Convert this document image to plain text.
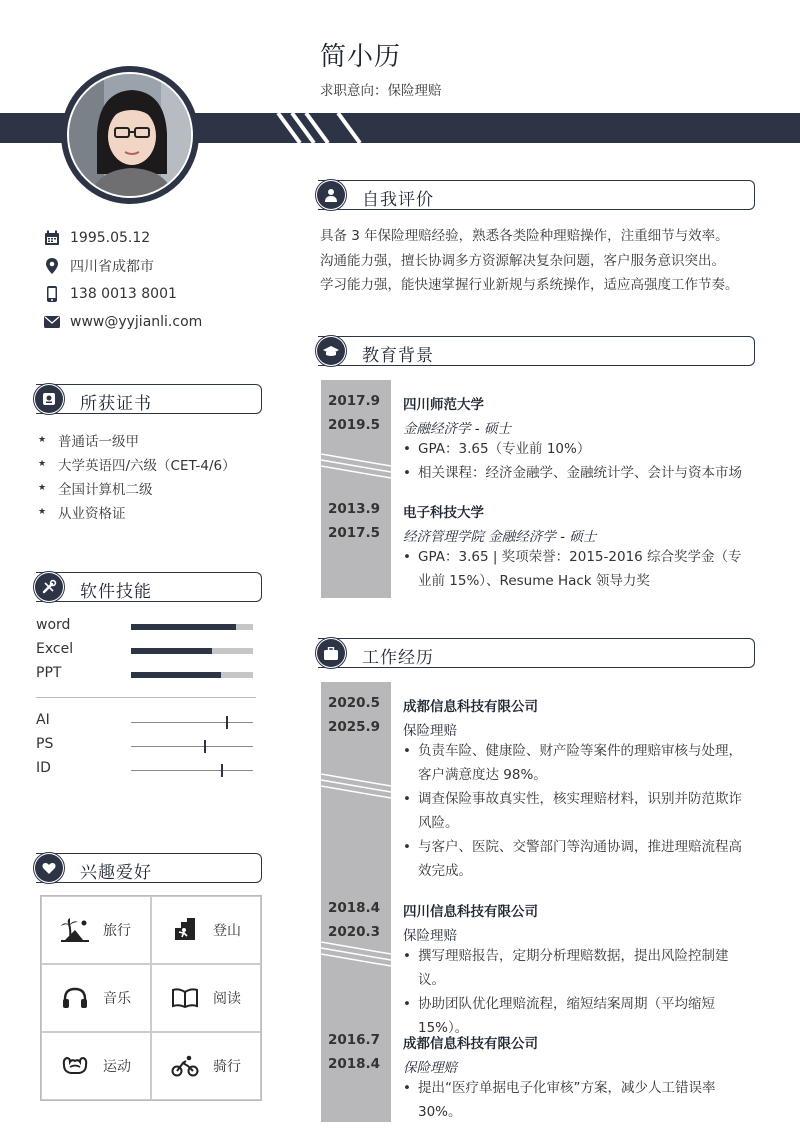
简小历
求职意向：保险理赔
1995.05.12
四川省成都市
138 0013 8001
www@yyjianli.com
所获证书
★ 普通话一级甲
★ 大学英语四/六级（CET-4/6）
★ 全国计算机二级
★ 从业资格证
软件技能
word
Excel
PPT
AI
PS
ID
兴趣爱好
旅行	登山
音乐	阅读
运动	骑行
自我评价
具备 3 年保险理赔经验，熟悉各类险种理赔操作，注重细节与效率。
沟通能力强，擅长协调多方资源解决复杂问题，客户服务意识突出。
学习能力强，能快速掌握行业新规与系统操作，适应高强度工作节奏。
教育背景
2017.9
2019.5
四川师范大学
金融经济学 - 硕士
• GPA：3.65（专业前 10%）
• 相关课程：经济金融学、金融统计学、会计与资本市场
2013.9
2017.5
电子科技大学
经济管理学院 金融经济学 - 硕士
• GPA：3.65 | 奖项荣誉：2015-2016 综合奖学金（专业前 15%）、Resume Hack 领导力奖
工作经历
2020.5
2025.9
成都信息科技有限公司
保险理赔
• 负责车险、健康险、财产险等案件的理赔审核与处理，客户满意度达 98%。
• 调查保险事故真实性，核实理赔材料，识别并防范欺诈风险。
• 与客户、医院、交警部门等沟通协调，推进理赔流程高效完成。
2018.4
2020.3
四川信息科技有限公司
保险理赔
• 撰写理赔报告，定期分析理赔数据，提出风险控制建议。
• 协助团队优化理赔流程，缩短结案周期（平均缩短 15%）。
2016.7
2018.4
成都信息科技有限公司
保险理赔
• 提出“医疗单据电子化审核”方案，减少人工错误率 30%。
